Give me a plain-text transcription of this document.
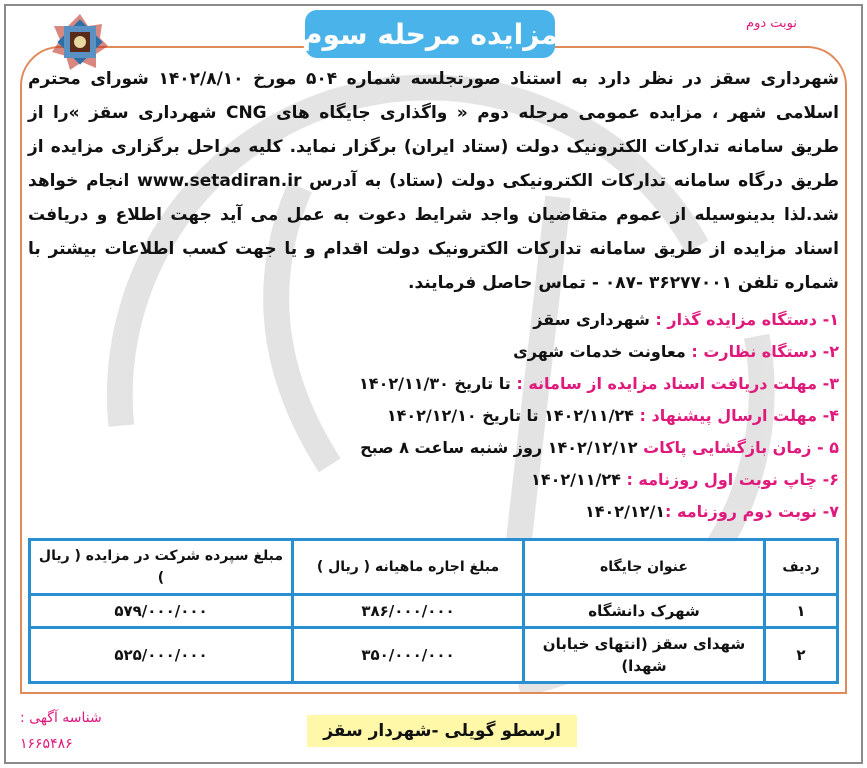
مزایده مرحله سوم	نوبت دوم

شهرداری سقز در نظر دارد به استناد صورتجلسه شماره ۵۰۴ مورخ ۱۴۰۲/۸/۱۰ شورای محترم اسلامی شهر ، مزایده عمومی مرحله دوم « واگذاری جایگاه های CNG شهرداری سقز »را از طریق سامانه تدارکات الکترونیک دولت (ستاد ایران) برگزار نماید. کلیه مراحل برگزاری مزایده از طریق درگاه سامانه تدارکات الکترونیکی دولت (ستاد) به آدرس www.setadiran.ir انجام خواهد شد.لذا بدینوسیله از عموم متقاضیان واجد شرایط دعوت به عمل می آید جهت اطلاع و دریافت اسناد مزایده از طریق سامانه تدارکات الکترونیک دولت اقدام و یا جهت کسب اطلاعات بیشتر با شماره تلفن ۳۶۲۷۷۰۰۱ -۰۸۷ - تماس حاصل فرمایند.

۱- دستگاه مزایده گذار : شهرداری سقز
۲- دستگاه نظارت : معاونت خدمات شهری
۳- مهلت دریافت اسناد مزایده از سامانه : تا تاریخ ۱۴۰۲/۱۱/۳۰
۴- مهلت ارسال پیشنهاد : ۱۴۰۲/۱۱/۲۴ تا تاریخ ۱۴۰۲/۱۲/۱۰
۵ - زمان بازگشایی پاکات ۱۴۰۲/۱۲/۱۲ روز شنبه ساعت ۸ صبح
۶- چاپ نوبت اول روزنامه : ۱۴۰۲/۱۱/۲۴
۷- نوبت دوم روزنامه :۱۴۰۲/۱۲/۱
ردیف	عنوان جایگاه	مبلغ اجاره ماهیانه ( ریال )	مبلغ سپرده شرکت در مزایده ( ریال )
۱	شهرک دانشگاه	۳۸۶/۰۰۰/۰۰۰	۵۷۹/۰۰۰/۰۰۰
۲	شهدای سقز (انتهای خیابان شهدا)	۳۵۰/۰۰۰/۰۰۰	۵۲۵/۰۰۰/۰۰۰
شناسه آگهی :
۱۶۶۵۴۸۶
ارسطو گویلی -شهردار سقز
